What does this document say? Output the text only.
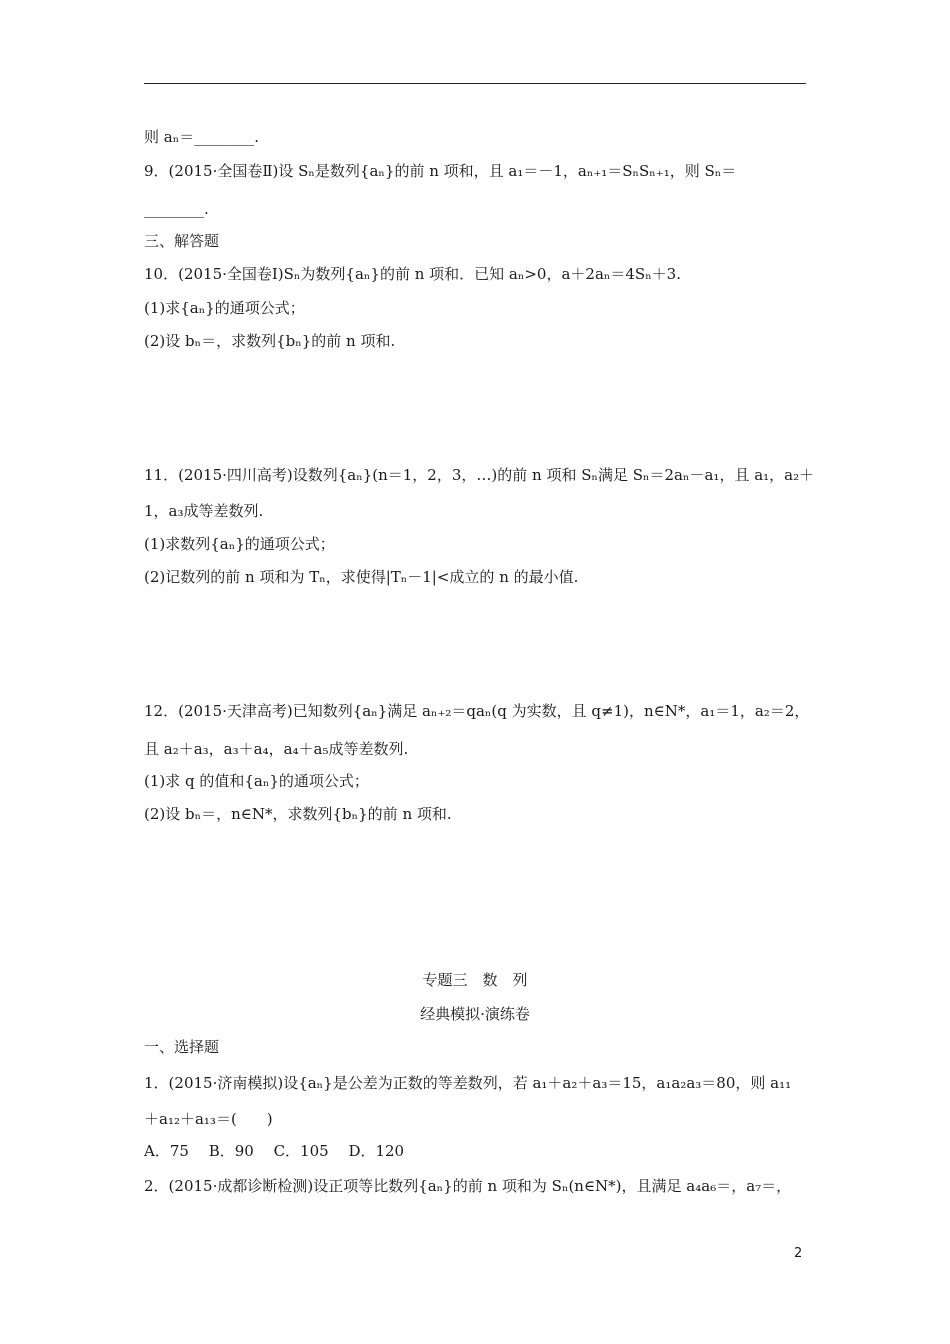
则 aₙ＝________.
9．(2015·全国卷Ⅱ)设 Sₙ是数列{aₙ}的前 n 项和，且 a₁＝－1，aₙ₊₁＝SₙSₙ₊₁，则 Sₙ＝
________.
三、解答题
10．(2015·全国卷Ⅰ)Sₙ为数列{aₙ}的前 n 项和．已知 aₙ>0，a＋2aₙ＝4Sₙ＋3.
(1)求{aₙ}的通项公式；
(2)设 bₙ＝，求数列{bₙ}的前 n 项和.
11．(2015·四川高考)设数列{aₙ}(n＝1，2，3，…)的前 n 项和 Sₙ满足 Sₙ＝2aₙ－a₁，且 a₁，a₂＋
1，a₃成等差数列.
(1)求数列{aₙ}的通项公式；
(2)记数列的前 n 项和为 Tₙ，求使得|Tₙ－1|<成立的 n 的最小值.
12．(2015·天津高考)已知数列{aₙ}满足 aₙ₊₂＝qaₙ(q 为实数，且 q≠1)，n∈N*，a₁＝1，a₂＝2，
且 a₂＋a₃，a₃＋a₄，a₄＋a₅成等差数列.
(1)求 q 的值和{aₙ}的通项公式；
(2)设 bₙ＝，n∈N*，求数列{bₙ}的前 n 项和.
专题三　数　列
经典模拟·演练卷
一、选择题
1．(2015·济南模拟)设{aₙ}是公差为正数的等差数列，若 a₁＋a₂＋a₃＝15，a₁a₂a₃＝80，则 a₁₁
＋a₁₂＋a₁₃＝(　　)
A．75　 B．90　 C．105　 D．120
2．(2015·成都诊断检测)设正项等比数列{aₙ}的前 n 项和为 Sₙ(n∈N*)，且满足 a₄a₆＝，a₇＝，
2
